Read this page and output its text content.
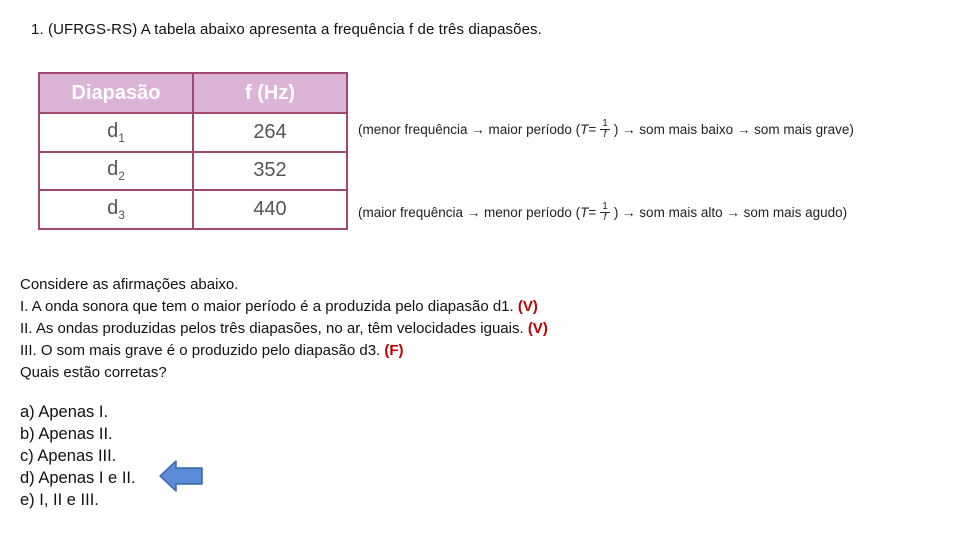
1. (UFRGS-RS) A tabela abaixo apresenta a frequência f de três diapasões.
Diapasão	f (Hz)
$d_1$	264
$d_2$	352
$d_3$	440
(menor frequência → maior período ( $T = \frac{1}{f}$ ) → som mais baixo → som mais grave)
(maior frequência → menor período ( $T = \frac{1}{f}$ ) → som mais alto → som mais agudo)
Considere as afirmações abaixo.
I. A onda sonora que tem o maior período é a produzida pelo diapasão d1. (V)
II. As ondas produzidas pelos três diapasões, no ar, têm velocidades iguais. (V)
III. O som mais grave é o produzido pelo diapasão d3. (F)
Quais estão corretas?
a) Apenas I.
b) Apenas II.
c) Apenas III.
d) Apenas I e II.
e) I, II e III.
